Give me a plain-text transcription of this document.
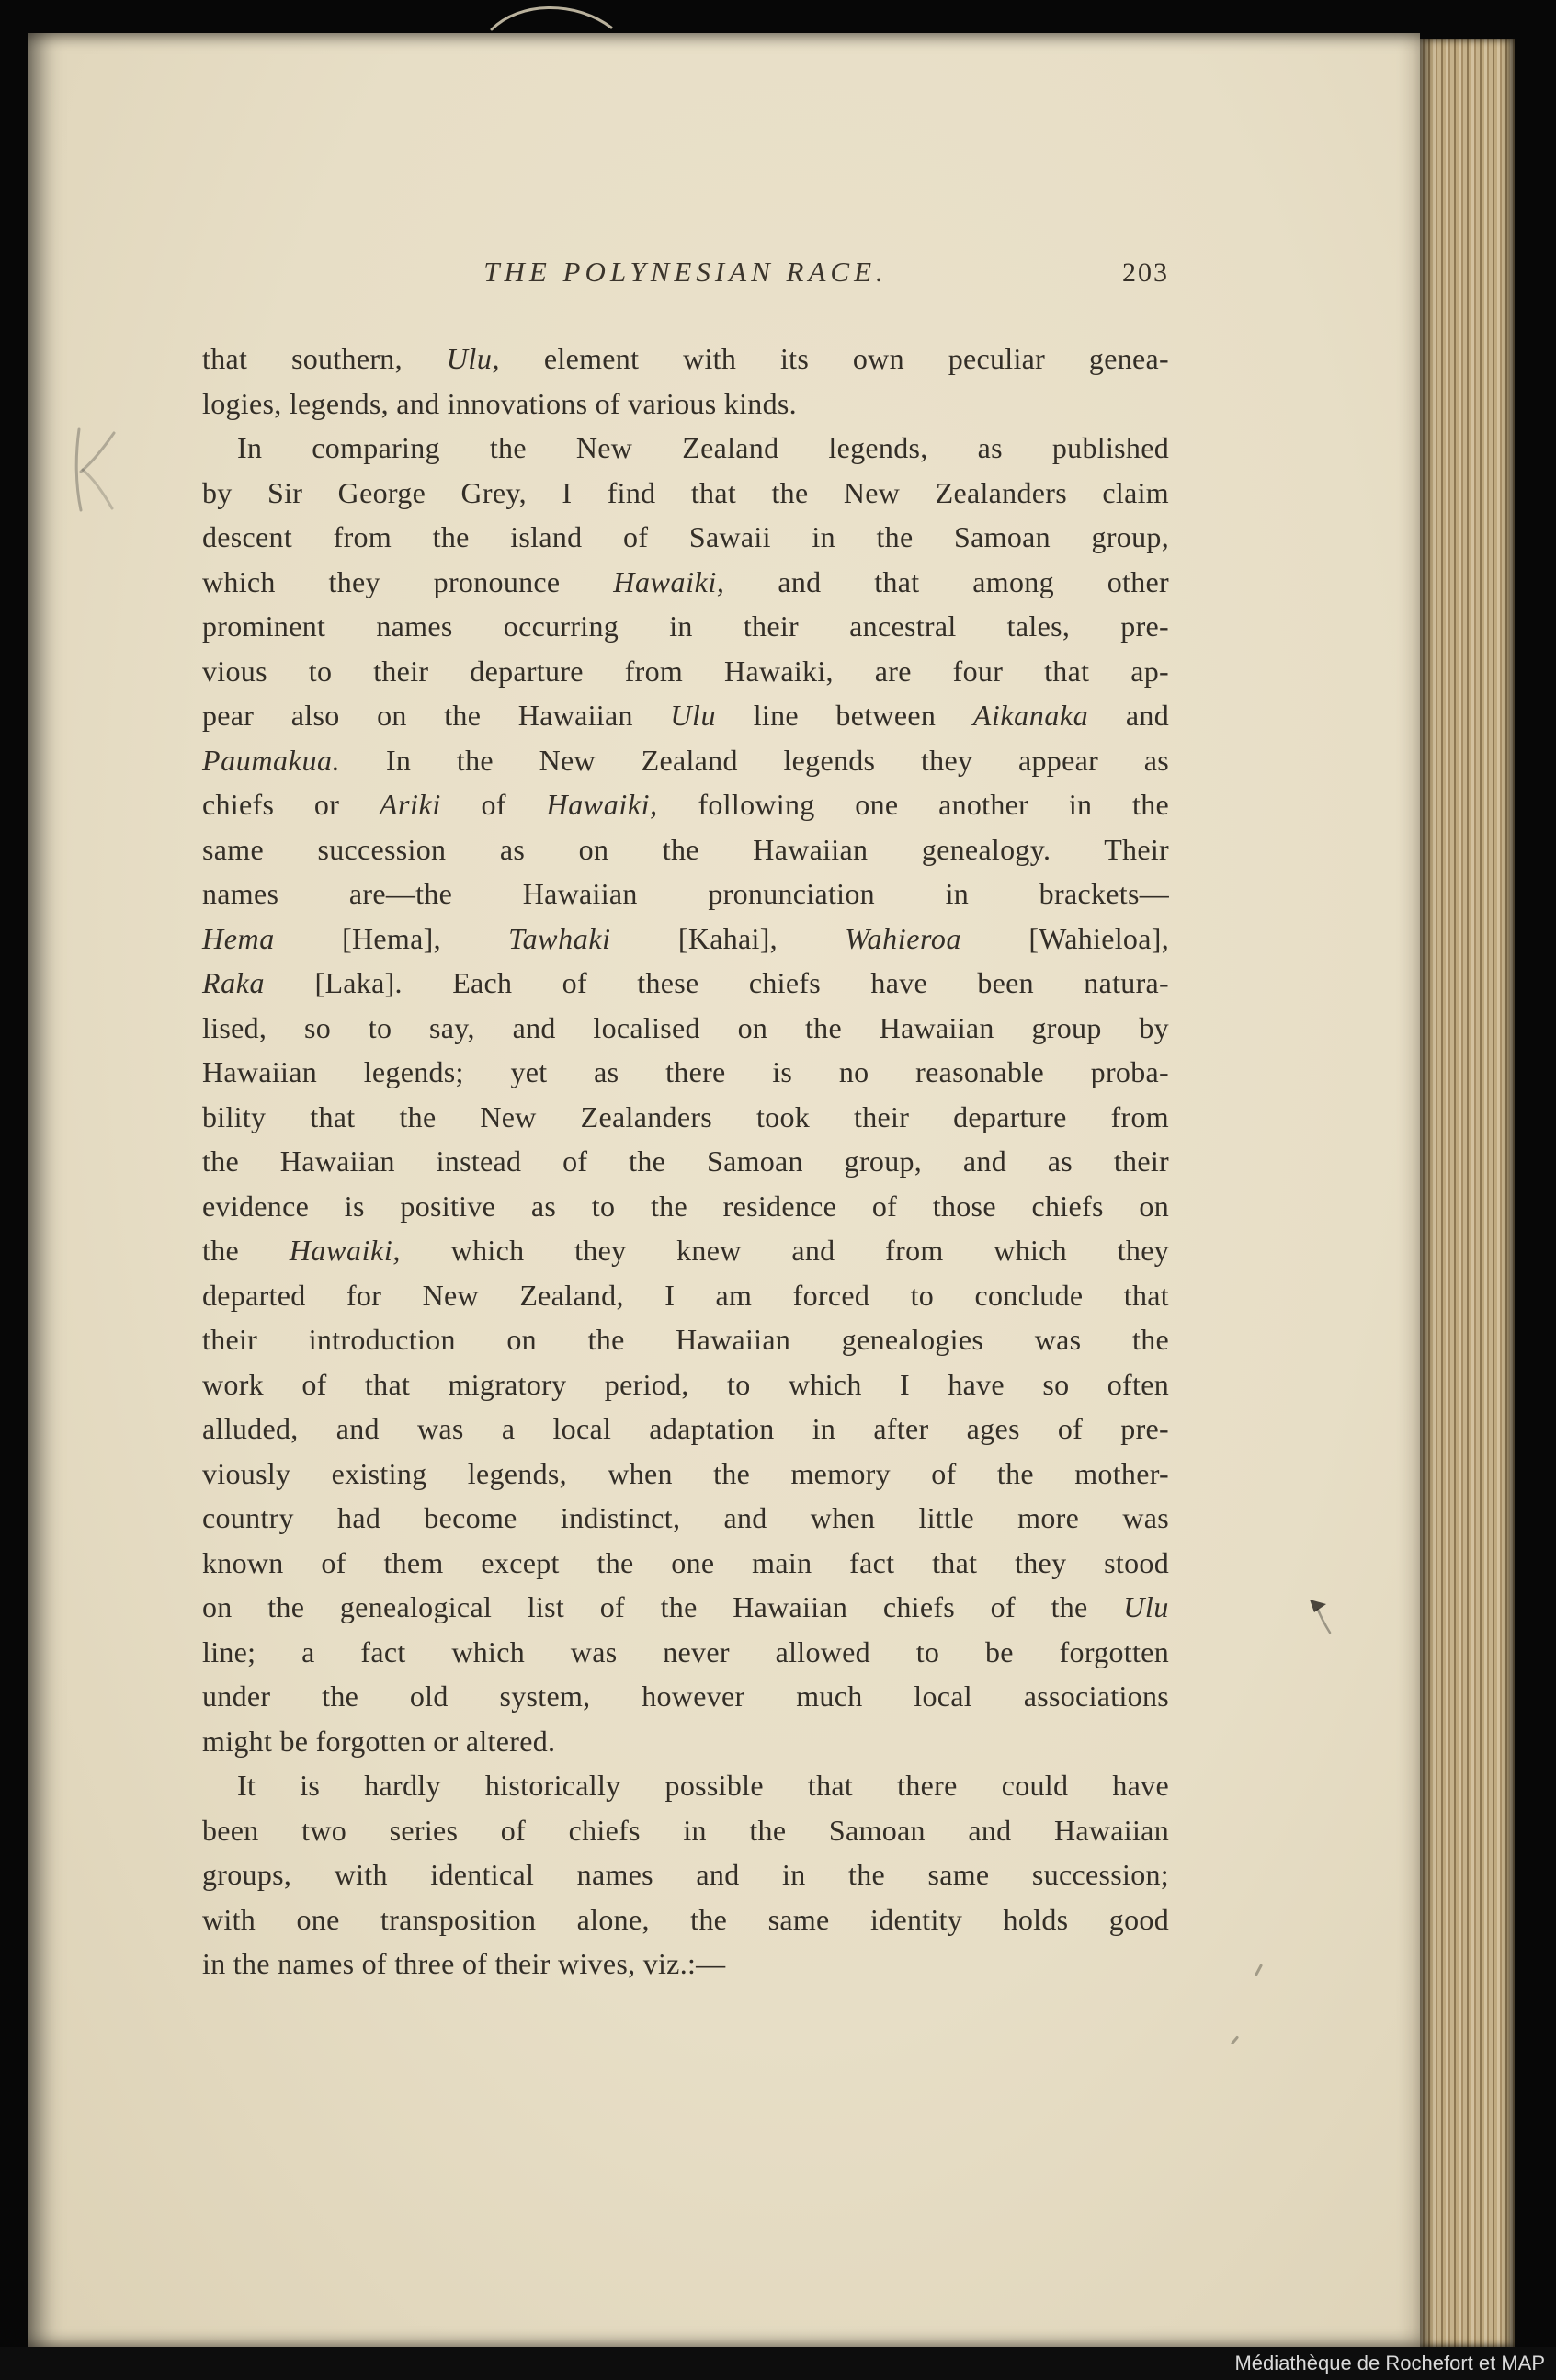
THE POLYNESIAN RACE.	203
that southern, Ulu, element with its own peculiar genea-
logies, legends, and innovations of various kinds.
In comparing the New Zealand legends, as published
by Sir George Grey, I find that the New Zealanders claim
descent from the island of Sawaii in the Samoan group,
which they pronounce Hawaiki, and that among other
prominent names occurring in their ancestral tales, pre-
vious to their departure from Hawaiki, are four that ap-
pear also on the Hawaiian Ulu line between Aikanaka and
Paumakua. In the New Zealand legends they appear as
chiefs or Ariki of Hawaiki, following one another in the
same succession as on the Hawaiian genealogy. Their
names are—the Hawaiian pronunciation in brackets—
Hema [Hema], Tawhaki [Kahai], Wahieroa [Wahieloa],
Raka [Laka]. Each of these chiefs have been natura-
lised, so to say, and localised on the Hawaiian group by
Hawaiian legends; yet as there is no reasonable proba-
bility that the New Zealanders took their departure from
the Hawaiian instead of the Samoan group, and as their
evidence is positive as to the residence of those chiefs on
the Hawaiki, which they knew and from which they
departed for New Zealand, I am forced to conclude that
their introduction on the Hawaiian genealogies was the
work of that migratory period, to which I have so often
alluded, and was a local adaptation in after ages of pre-
viously existing legends, when the memory of the mother-
country had become indistinct, and when little more was
known of them except the one main fact that they stood
on the genealogical list of the Hawaiian chiefs of the Ulu
line; a fact which was never allowed to be forgotten
under the old system, however much local associations
might be forgotten or altered.
It is hardly historically possible that there could have
been two series of chiefs in the Samoan and Hawaiian
groups, with identical names and in the same succession;
with one transposition alone, the same identity holds good
in the names of three of their wives, viz.:—
Médiathèque de Rochefort et MAP
